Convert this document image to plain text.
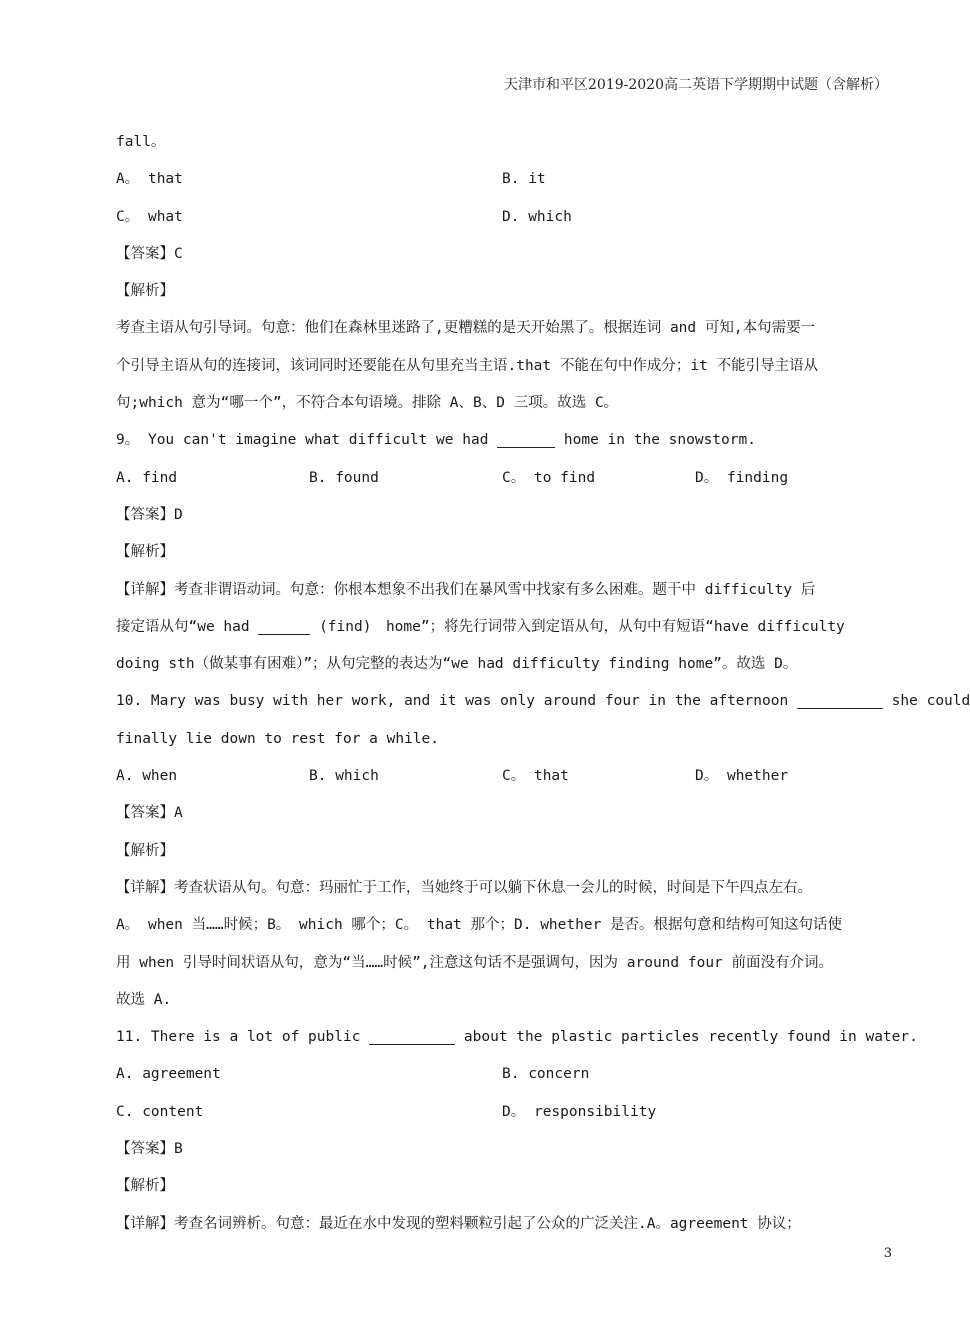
天津市和平区2019-2020高二英语下学期期中试题（含解析）
fall。
A。 that	B. it
C。 what	D. which
【答案】C
【解析】
考查主语从句引导词。句意：他们在森林里迷路了,更糟糕的是天开始黑了。根据连词 and 可知,本句需要一
个引导主语从句的连接词，该词同时还要能在从句里充当主语.that 不能在句中作成分；it 不能引导主语从
句;which 意为“哪一个”，不符合本句语境。排除 A、B、D 三项。故选 C。
9。 You can't imagine what difficult we had	home in the snowstorm.
A. find	B. found	C。 to find	D。 finding
【答案】D
【解析】
【详解】考查非谓语动词。句意：你根本想象不出我们在暴风雪中找家有多么困难。题干中 difficulty 后
接定语从句“we had	(find)　home”；将先行词带入到定语从句，从句中有短语“have difficulty
doing sth（做某事有困难）”；从句完整的表达为“we had difficulty finding home”。故选 D。
10. Mary was busy with her work, and it was only around four in the afternoon	she could
finally lie down to rest for a while.
A. when	B. which	C。 that	D。 whether
【答案】A
【解析】
【详解】考查状语从句。句意：玛丽忙于工作，当她终于可以躺下休息一会儿的时候，时间是下午四点左右。
A。 when 当……时候；B。 which 哪个；C。 that 那个；D. whether 是否。根据句意和结构可知这句话使
用 when 引导时间状语从句，意为“当……时候”,注意这句话不是强调句，因为 around four 前面没有介词。
故选 A.
11. There is a lot of public	about the plastic particles recently found in water.
A. agreement	B. concern
C. content	D。 responsibility
【答案】B
【解析】
【详解】考查名词辨析。句意：最近在水中发现的塑料颗粒引起了公众的广泛关注.A。agreement 协议；
3
